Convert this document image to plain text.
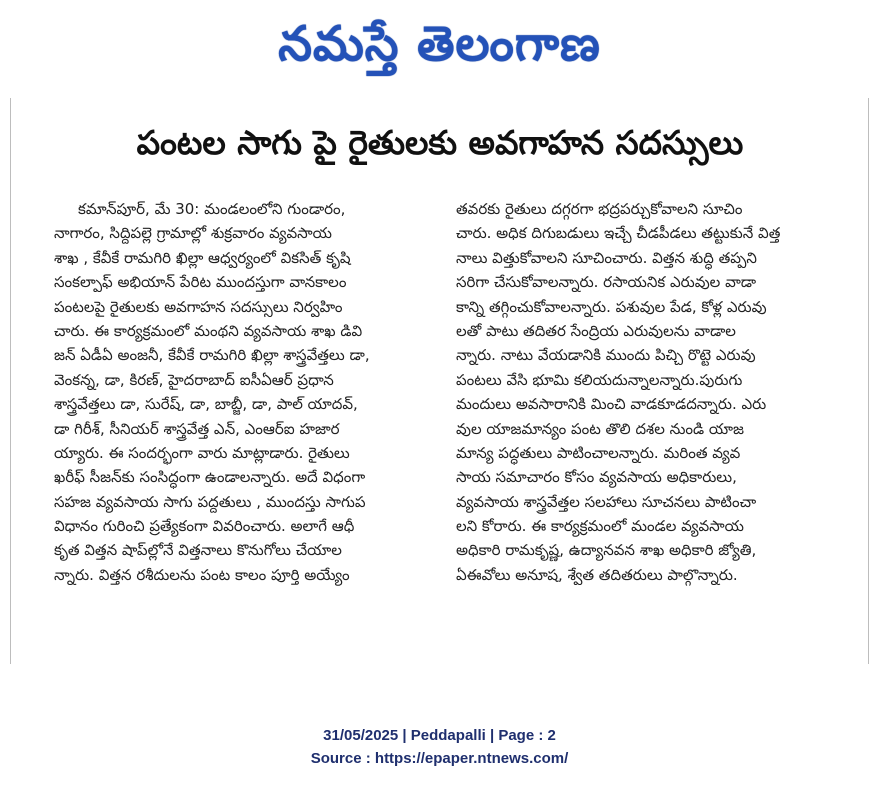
నమస్తే తెలంగాణ
పంటల సాగు పై రైతులకు అవగాహన సదస్సులు
కమాన్‌పూర్, మే 30: మండలంలోని గుండారం,
నాగారం, సిద్దిపల్లె గ్రామాల్లో శుక్రవారం వ్యవసాయ
శాఖ , కేవీకే రామగిరి ఖిల్లా ఆధ్వర్యంలో వికసిత్ కృషి
సంకల్పాఫ్ అభియాన్ పేరిట ముందస్తుగా వానకాలం
పంటలపై రైతులకు అవగాహన సదస్సులు నిర్వహిం
చారు. ఈ కార్యక్రమంలో మంథని వ్యవసాయ శాఖ డివి
జన్ ఏడీఏ అంజనీ, కేవీకే రామగిరి ఖిల్లా శాస్త్రవేత్తలు డా,
వెంకన్న, డా, కిరణ్, హైదరాబాద్ ఐసీఏఆర్ ప్రధాన
శాస్త్రవేత్తలు డా, సురేష్, డా, బాబ్జీ, డా, పాల్ యాదవ్,
డా గిరీశ్, సీనియర్ శాస్త్రవేత్త ఎన్, ఎంఆర్ఐ హజార
య్యారు. ఈ సందర్భంగా వారు మాట్లాడారు. రైతులు
ఖరీఫ్ సీజన్‌కు సంసిద్ధంగా ఉండాలన్నారు. అదే విధంగా
సహజ వ్యవసాయ సాగు పద్దతులు , ముందస్తు సాగుప
విధానం గురించి ప్రత్యేకంగా వివరించారు. అలాగే ఆధీ
కృత విత్తన షాప్‌ల్లోనే విత్తనాలు కొనుగోలు చేయాల
న్నారు. విత్తన రశీదులను పంట కాలం పూర్తి అయ్యేం
తవరకు రైతులు దగ్గరగా భద్రపర్చుకోవాలని సూచిం
చారు. అధిక దిగుబడులు ఇచ్చే చీడపీడలు తట్టుకునే విత్త
నాలు విత్తుకోవాలని సూచించారు. విత్తన శుద్ధి తప్పని
సరిగా చేసుకోవాలన్నారు. రసాయనిక ఎరువుల వాడా
కాన్ని తగ్గించుకోవాలన్నారు. పశువుల పేడ, కోళ్ల ఎరువు
లతో పాటు తదితర సేంద్రియ ఎరువులను వాడాల
న్నారు. నాటు వేయడానికి ముందు పిచ్చి రొట్టె ఎరువు
పంటలు వేసి భూమి కలియదున్నాలన్నారు.పురుగు
మందులు అవసారానికి మించి వాడకూడదన్నారు. ఎరు
వుల యాజమాన్యం పంట తొలి దశల నుండి యాజ
మాన్య పద్ధతులు పాటించాలన్నారు. మరింత వ్యవ
సాయ సమాచారం కోసం వ్యవసాయ అధికారులు,
వ్యవసాయ శాస్త్రవేత్తల సలహాలు సూచనలు పాటించా
లని కోరారు. ఈ కార్యక్రమంలో మండల వ్యవసాయ
అధికారి రామకృష్ణ, ఉద్యానవన శాఖ అధికారి జ్యోతి,
ఏఈవోలు అనూష, శ్వేత తదితరులు పాల్గొన్నారు.
31/05/2025 | Peddapalli | Page : 2
Source : https://epaper.ntnews.com/
